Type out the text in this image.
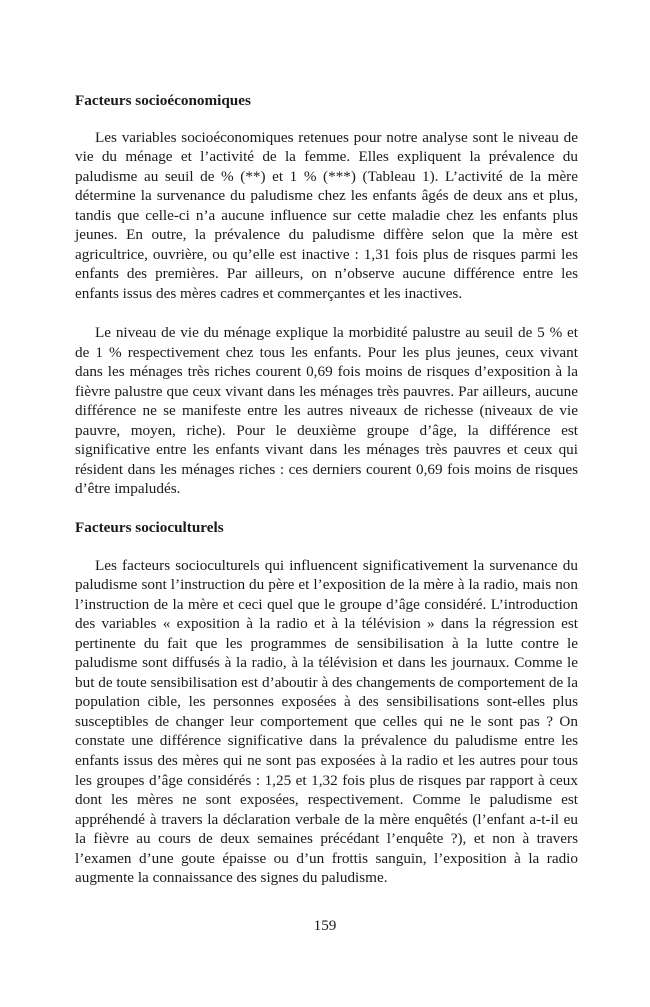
Facteurs socioéconomiques

Les variables socioéconomiques retenues pour notre analyse sont le niveau de vie du ménage et l’activité de la femme. Elles expliquent la prévalence du paludisme au seuil de % (**) et 1 % (***) (Tableau 1). L’activité de la mère détermine la survenance du paludisme chez les enfants âgés de deux ans et plus, tandis que celle-ci n’a aucune influence sur cette maladie chez les enfants plus jeunes. En outre, la prévalence du paludisme diffère selon que la mère est agricultrice, ouvrière, ou qu’elle est inactive : 1,31 fois plus de risques parmi les enfants des premières. Par ailleurs, on n’observe aucune différence entre les enfants issus des mères cadres et commerçantes et les inactives.

Le niveau de vie du ménage explique la morbidité palustre au seuil de 5 % et de 1 % respectivement chez tous les enfants. Pour les plus jeunes, ceux vivant dans les ménages très riches courent 0,69 fois moins de risques d’exposition à la fièvre palustre que ceux vivant dans les ménages très pauvres. Par ailleurs, aucune différence ne se manifeste entre les autres niveaux de richesse (niveaux de vie pauvre, moyen, riche). Pour le deuxième groupe d’âge, la différence est significative entre les enfants vivant dans les ménages très pauvres et ceux qui résident dans les ménages riches : ces derniers courent 0,69 fois moins de risques d’être impaludés.

Facteurs socioculturels

Les facteurs socioculturels qui influencent significativement la survenance du paludisme sont l’instruction du père et l’exposition de la mère à la radio, mais non l’instruction de la mère et ceci quel que le groupe d’âge considéré. L’introduction des variables « exposition à la radio et à la télévision » dans la régression est pertinente du fait que les programmes de sensibilisation à la lutte contre le paludisme sont diffusés à la radio, à la télévision et dans les journaux. Comme le but de toute sensibilisation est d’aboutir à des changements de comportement de la population cible, les personnes exposées à des sensibilisations sont-elles plus susceptibles de changer leur comportement que celles qui ne le sont pas ? On constate une différence significative dans la prévalence du paludisme entre les enfants issus des mères qui ne sont pas exposées à la radio et les autres pour tous les groupes d’âge considérés : 1,25 et 1,32 fois plus de risques par rapport à ceux dont les mères ne sont exposées, respectivement. Comme le paludisme est appréhendé à travers la déclaration verbale de la mère enquêtés (l’enfant a-t-il eu la fièvre au cours de deux semaines précédant l’enquête ?), et non à travers l’examen d’une goute épaisse ou d’un frottis sanguin, l’exposition à la radio augmente la connaissance des signes du paludisme.

159
